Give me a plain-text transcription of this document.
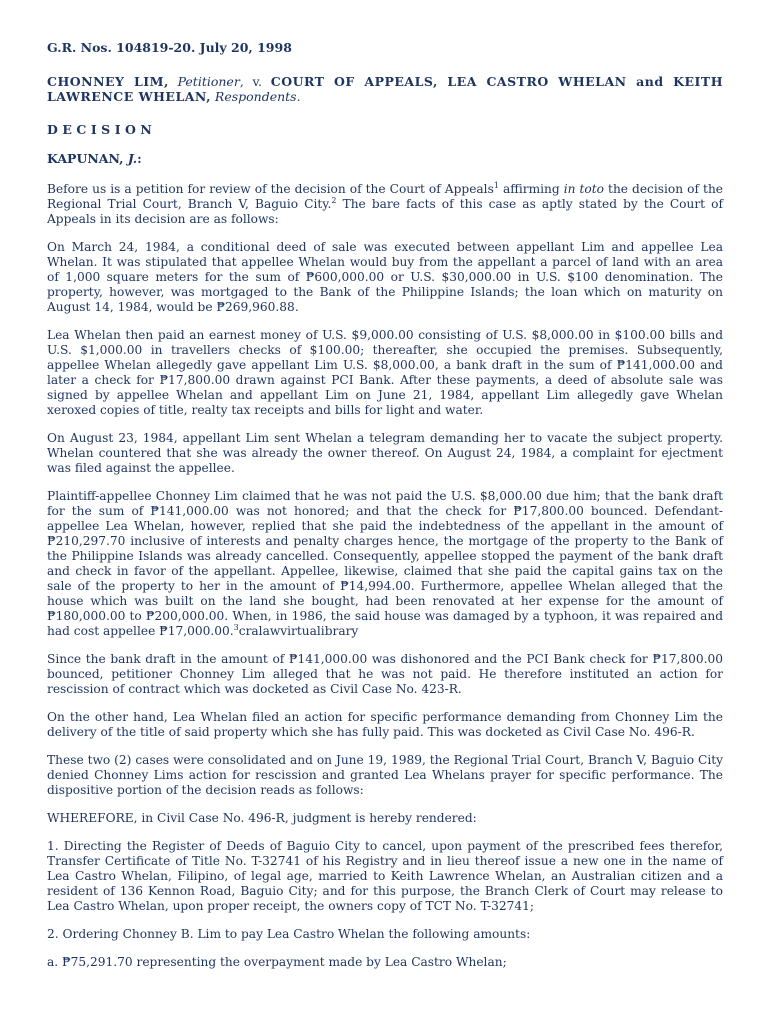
G.R. Nos. 104819-20. July 20, 1998
CHONNEY LIM, Petitioner, v. COURT OF APPEALS, LEA CASTRO WHELAN and KEITH LAWRENCE WHELAN, Respondents.
DECISION
KAPUNAN, J.:

Before us is a petition for review of the decision of the Court of Appeals$^1$ affirming in toto the decision of the Regional Trial Court, Branch V, Baguio City.$^2$ The bare facts of this case as aptly stated by the Court of Appeals in its decision are as follows:

On March 24, 1984, a conditional deed of sale was executed between appellant Lim and appellee Lea Whelan. It was stipulated that appellee Whelan would buy from the appellant a parcel of land with an area of 1,000 square meters for the sum of ₱600,000.00 or U.S. $30,000.00 in U.S. $100 denomination. The property, however, was mortgaged to the Bank of the Philippine Islands; the loan which on maturity on August 14, 1984, would be ₱269,960.88.

Lea Whelan then paid an earnest money of U.S. $9,000.00 consisting of U.S. $8,000.00 in $100.00 bills and U.S. $1,000.00 in travellers checks of $100.00; thereafter, she occupied the premises. Subsequently, appellee Whelan allegedly gave appellant Lim U.S. $8,000.00, a bank draft in the sum of ₱141,000.00 and later a check for ₱17,800.00 drawn against PCI Bank. After these payments, a deed of absolute sale was signed by appellee Whelan and appellant Lim on June 21, 1984, appellant Lim allegedly gave Whelan xeroxed copies of title, realty tax receipts and bills for light and water.

On August 23, 1984, appellant Lim sent Whelan a telegram demanding her to vacate the subject property. Whelan countered that she was already the owner thereof. On August 24, 1984, a complaint for ejectment was filed against the appellee.

Plaintiff-appellee Chonney Lim claimed that he was not paid the U.S. $8,000.00 due him; that the bank draft for the sum of ₱141,000.00 was not honored; and that the check for ₱17,800.00 bounced. Defendant-appellee Lea Whelan, however, replied that she paid the indebtedness of the appellant in the amount of ₱210,297.70 inclusive of interests and penalty charges hence, the mortgage of the property to the Bank of the Philippine Islands was already cancelled. Consequently, appellee stopped the payment of the bank draft and check in favor of the appellant. Appellee, likewise, claimed that she paid the capital gains tax on the sale of the property to her in the amount of ₱14,994.00. Furthermore, appellee Whelan alleged that the house which was built on the land she bought, had been renovated at her expense for the amount of ₱180,000.00 to ₱200,000.00. When, in 1986, the said house was damaged by a typhoon, it was repaired and had cost appellee ₱17,000.00.$^3$cralawvirtualibrary

Since the bank draft in the amount of ₱141,000.00 was dishonored and the PCI Bank check for ₱17,800.00 bounced, petitioner Chonney Lim alleged that he was not paid. He therefore instituted an action for rescission of contract which was docketed as Civil Case No. 423-R.

On the other hand, Lea Whelan filed an action for specific performance demanding from Chonney Lim the delivery of the title of said property which she has fully paid. This was docketed as Civil Case No. 496-R.

These two (2) cases were consolidated and on June 19, 1989, the Regional Trial Court, Branch V, Baguio City denied Chonney Lims action for rescission and granted Lea Whelans prayer for specific performance. The dispositive portion of the decision reads as follows:

WHEREFORE, in Civil Case No. 496-R, judgment is hereby rendered:

1. Directing the Register of Deeds of Baguio City to cancel, upon payment of the prescribed fees therefor, Transfer Certificate of Title No. T-32741 of his Registry and in lieu thereof issue a new one in the name of Lea Castro Whelan, Filipino, of legal age, married to Keith Lawrence Whelan, an Australian citizen and a resident of 136 Kennon Road, Baguio City; and for this purpose, the Branch Clerk of Court may release to Lea Castro Whelan, upon proper receipt, the owners copy of TCT No. T-32741;

2. Ordering Chonney B. Lim to pay Lea Castro Whelan the following amounts:

a. ₱75,291.70 representing the overpayment made by Lea Castro Whelan;
